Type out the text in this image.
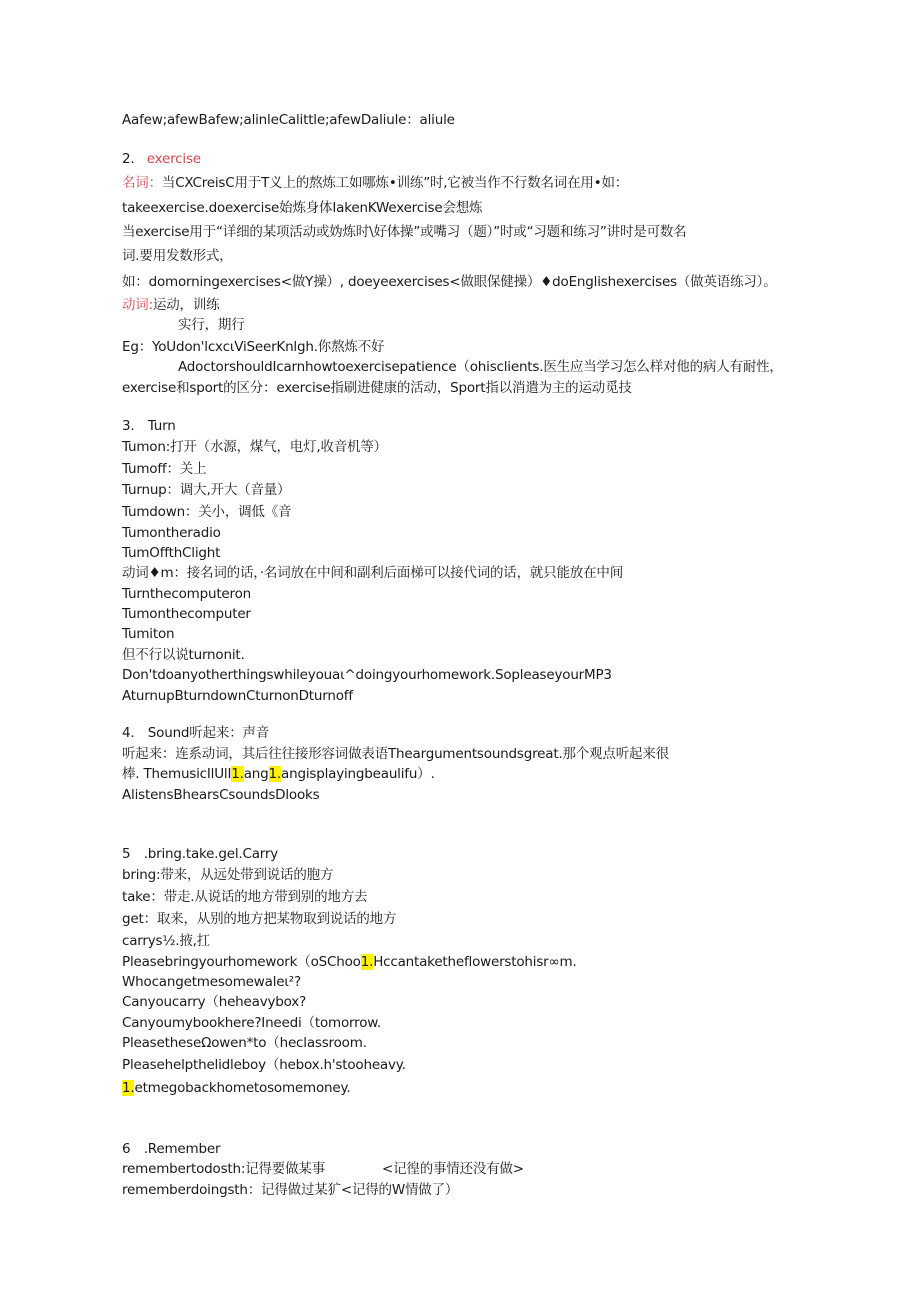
Aafew;afewBafew;alinleCalittle;afewDaliule：aliule
2. exercise
名词：当CXCreisC用于T义上的熬炼工如哪炼•训练”时,它被当作不行数名词在用•如：
takeexercise.doexercise始炼身体IakenKWexercise会想炼
当exercise用于“详细的某项活动或妫炼时\好体操”或嘴习（题）”时或“习题和练习”讲时是可数名
词.要用发数形式，
如：domorningexercises<做Y操）, doeyeexercises<做眼保健操）♦doEnglishexercises（做英语练习）。
动词:运动，训练
实行，期行
Eg：YoUdon'lcxcιViSeerKnlgh.你熬炼不好
AdoctorshouldIcarnhowtoexercisepatience（ohisclients.医生应当学习怎么样对他的病人有耐性，
exercise和sport的区分：exercise指刷进健康的活动，Sport指以消遣为主的运动觅技
3.　Turn
Tumon:打开（水源，煤气，电灯,收音机等）
Tumoff：关上
Turnup：调大,开大（音量）
Tumdown：关小，调低《音
Tumontheradio
TumOffthClight
动词♦m：接名词的话，·名词放在中间和副利后面梯可以接代词的话，就只能放在中间
Turnthecomputeron
Tumonthecomputer
Tumiton
但不行以说turnonit.
Don'tdoanyotherthingswhileyouaι^doingyourhomework.SopleaseyourMP3
AturnupBturndownCturnonDturnoff
4.　Sound听起来：声音
听起来：连系动词，其后往往接形容词做表语Theargumentsoundsgreat.那个观点听起来很
棒. ThemusicIlUlI1.ang1.angisplayingbeaulifu）.
AlistensBhearsCsoundsDlooks
5　.bring.take.gel.Carry
bring:带来，从远处带到说话的胞方
take：带走.从说话的地方带到别的地方去
get：取来，从别的地方把某物取到说话的地方
carrys½.掖,扛
Pleasebringyourhomework（oSChoo1.Hccantaketheflowerstohisr∞m.
Whocangetmesomewaleι²?
Canyoucarry（heheavybox?
Canyoumybookhere?Ineedi（tomorrow.
PleasetheseΩowen*to（heclassroom.
Pleasehelpthelidleboy（hebox.h'stooheavy.
1.etmegobackhometosomemoney.
6　.Remember
remembertodosth:记得要做某事	<记徨的事情还没有做>
rememberdoingsth：记得做过某犷<记得的W情做了）
